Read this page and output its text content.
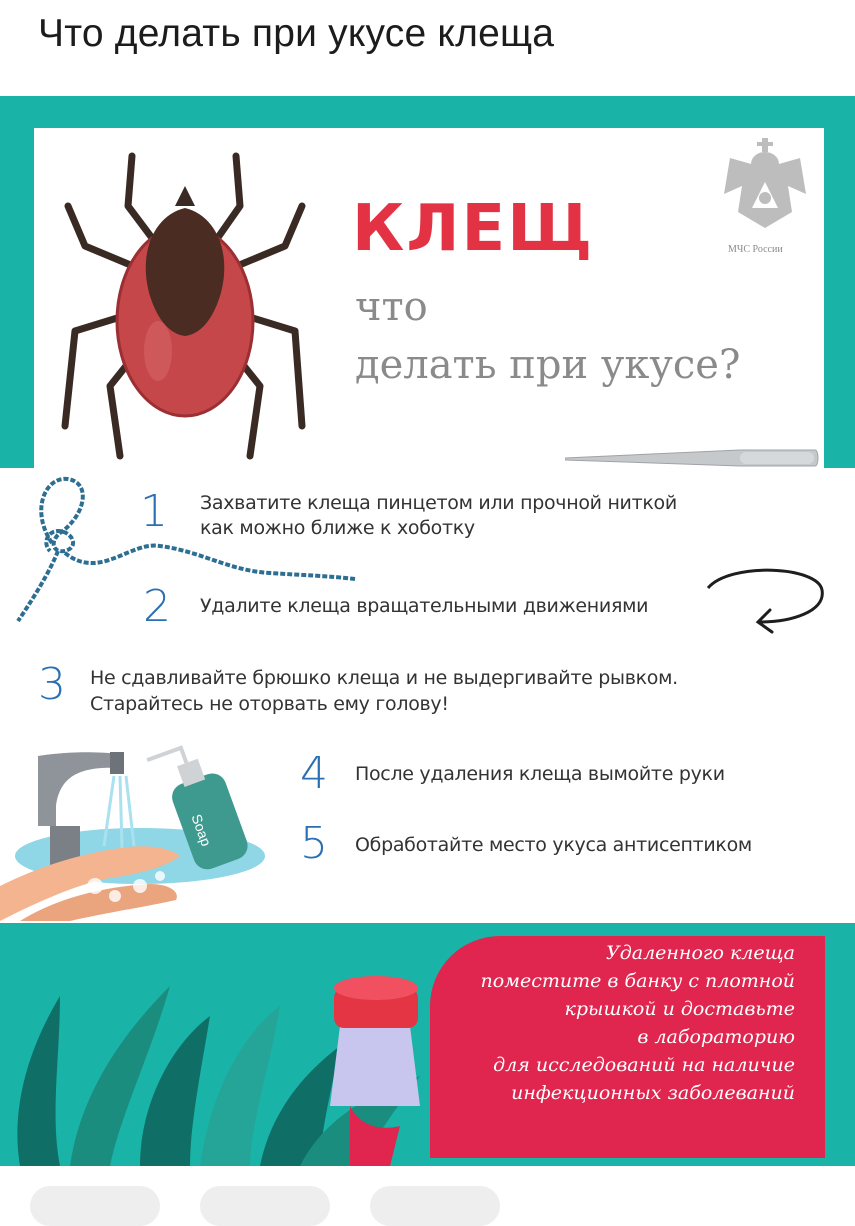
Что делать при укусе клеща
КЛЕЩ
что
делать при укусе?
МЧС России
1 Захватите клеща пинцетом или прочной ниткой
как можно ближе к хоботку
2 Удалите клеща вращательными движениями
3 Не сдавливайте брюшко клеща и не выдергивайте рывком.
Старайтесь не оторвать ему голову!
4 После удаления клеща вымойте руки
5 Обработайте место укуса антисептиком
Soap
Удаленного клеща
поместите в банку с плотной
крышкой и доставьте
в лабораторию
для исследований на наличие
инфекционных заболеваний
